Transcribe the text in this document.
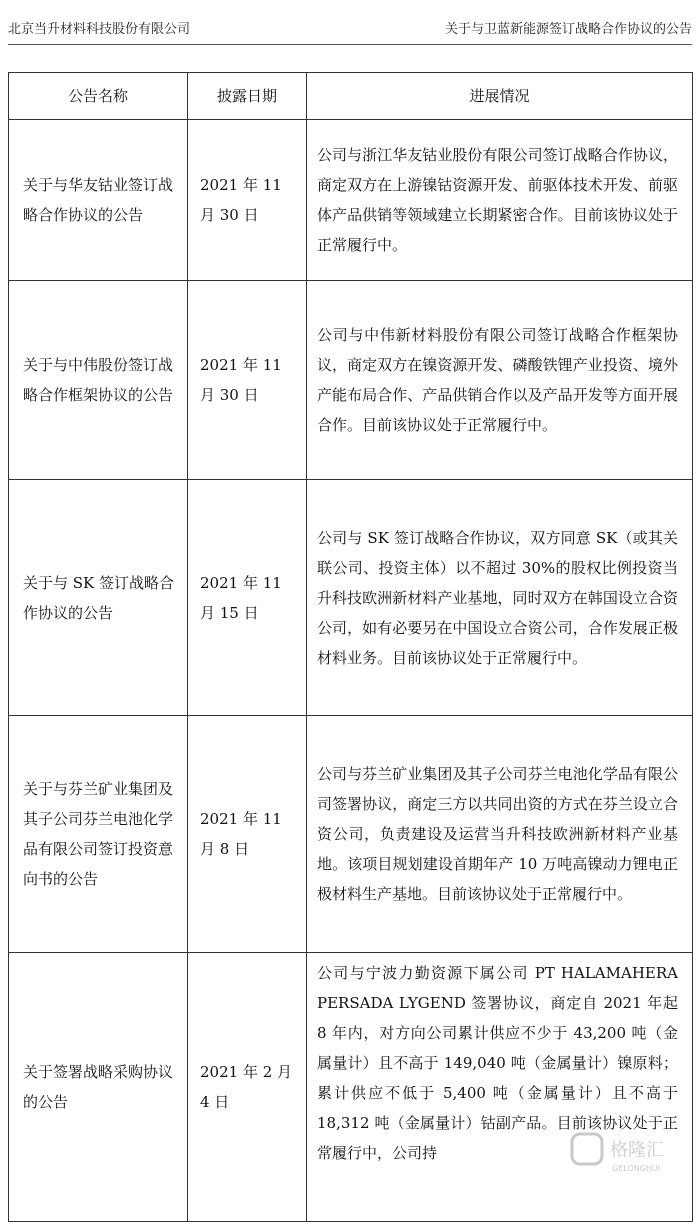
北京当升材料科技股份有限公司	关于与卫蓝新能源签订战略合作协议的公告
公告名称	披露日期	进展情况
关于与华友钴业签订战略合作协议的公告	2021 年 11 月 30 日	公司与浙江华友钴业股份有限公司签订战略合作协议，商定双方在上游镍钴资源开发、前驱体技术开发、前驱体产品供销等领域建立长期紧密合作。目前该协议处于正常履行中。
关于与中伟股份签订战略合作框架协议的公告	2021 年 11 月 30 日	公司与中伟新材料股份有限公司签订战略合作框架协议，商定双方在镍资源开发、磷酸铁锂产业投资、境外产能布局合作、产品供销合作以及产品开发等方面开展合作。目前该协议处于正常履行中。
关于与 SK 签订战略合作协议的公告	2021 年 11 月 15 日	公司与 SK 签订战略合作协议，双方同意 SK（或其关联公司、投资主体）以不超过 30%的股权比例投资当升科技欧洲新材料产业基地，同时双方在韩国设立合资公司，如有必要另在中国设立合资公司，合作发展正极材料业务。目前该协议处于正常履行中。
关于与芬兰矿业集团及其子公司芬兰电池化学品有限公司签订投资意向书的公告	2021 年 11 月 8 日	公司与芬兰矿业集团及其子公司芬兰电池化学品有限公司签署协议，商定三方以共同出资的方式在芬兰设立合资公司，负责建设及运营当升科技欧洲新材料产业基地。该项目规划建设首期年产 10 万吨高镍动力锂电正极材料生产基地。目前该协议处于正常履行中。
关于签署战略采购协议的公告	2021 年 2 月 4 日	公司与宁波力勤资源下属公司 PT HALAMAHERA PERSADA LYGEND 签署协议，商定自 2021 年起 8 年内，对方向公司累计供应不少于 43,200 吨（金属量计）且不高于 149,040 吨（金属量计）镍原料；累计供应不低于 5,400 吨（金属量计）且不高于 18,312 吨（金属量计）钴副产品。目前该协议处于正常履行中，公司持	格隆汇
GELONGHUI
